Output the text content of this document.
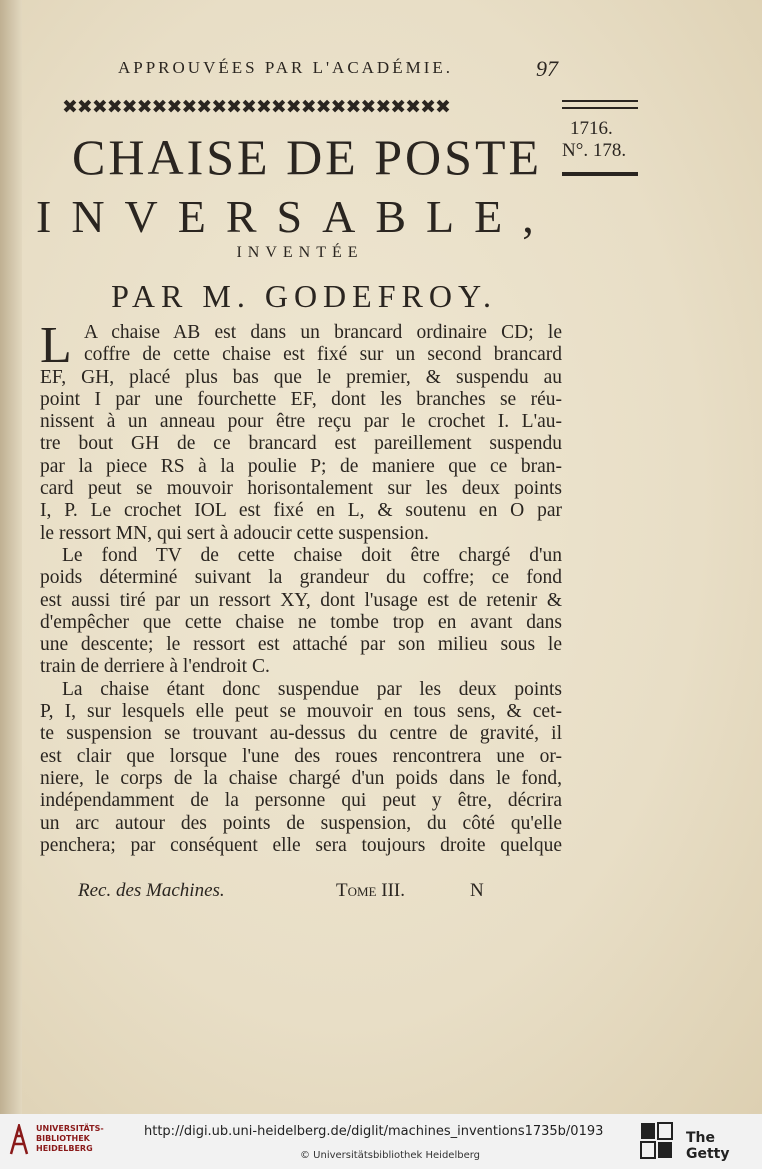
APPROUVÉES PAR L'ACADÉMIE.	97
✖✖✖✖✖✖✖✖✖✖✖✖✖✖✖✖✖✖✖✖✖✖✖✖✖✖
1716.
N°. 178.
CHAISE DE POSTE
INVERSABLE,
INVENTÉE
PAR M. GODEFROY.
L A chaise AB est dans un brancard ordinaire CD; le
coffre de cette chaise est fixé sur un second brancard
EF, GH, placé plus bas que le premier, & suspendu au
point I par une fourchette EF, dont les branches se réu-
nissent à un anneau pour être reçu par le crochet I. L'au-
tre bout GH de ce brancard est pareillement suspendu
par la piece RS à la poulie P; de maniere que ce bran-
card peut se mouvoir horisontalement sur les deux points
I, P. Le crochet IOL est fixé en L, & soutenu en O par
le ressort MN, qui sert à adoucir cette suspension.
Le fond TV de cette chaise doit être chargé d'un
poids déterminé suivant la grandeur du coffre; ce fond
est aussi tiré par un ressort XY, dont l'usage est de retenir &
d'empêcher que cette chaise ne tombe trop en avant dans
une descente; le ressort est attaché par son milieu sous le
train de derriere à l'endroit C.
La chaise étant donc suspendue par les deux points
P, I, sur lesquels elle peut se mouvoir en tous sens, & cet-
te suspension se trouvant au-dessus du centre de gravité, il
est clair que lorsque l'une des roues rencontrera une or-
niere, le corps de la chaise chargé d'un poids dans le fond,
indépendamment de la personne qui peut y être, décrira
un arc autour des points de suspension, du côté qu'elle
penchera; par conséquent elle sera toujours droite quelque
Rec. des Machines.	Tome III.	N
UNIVERSITÄTS-
BIBLIOTHEK
HEIDELBERG
http://digi.ub.uni-heidelberg.de/diglit/machines_inventions1735b/0193
© Universitätsbibliothek Heidelberg
The Getty
